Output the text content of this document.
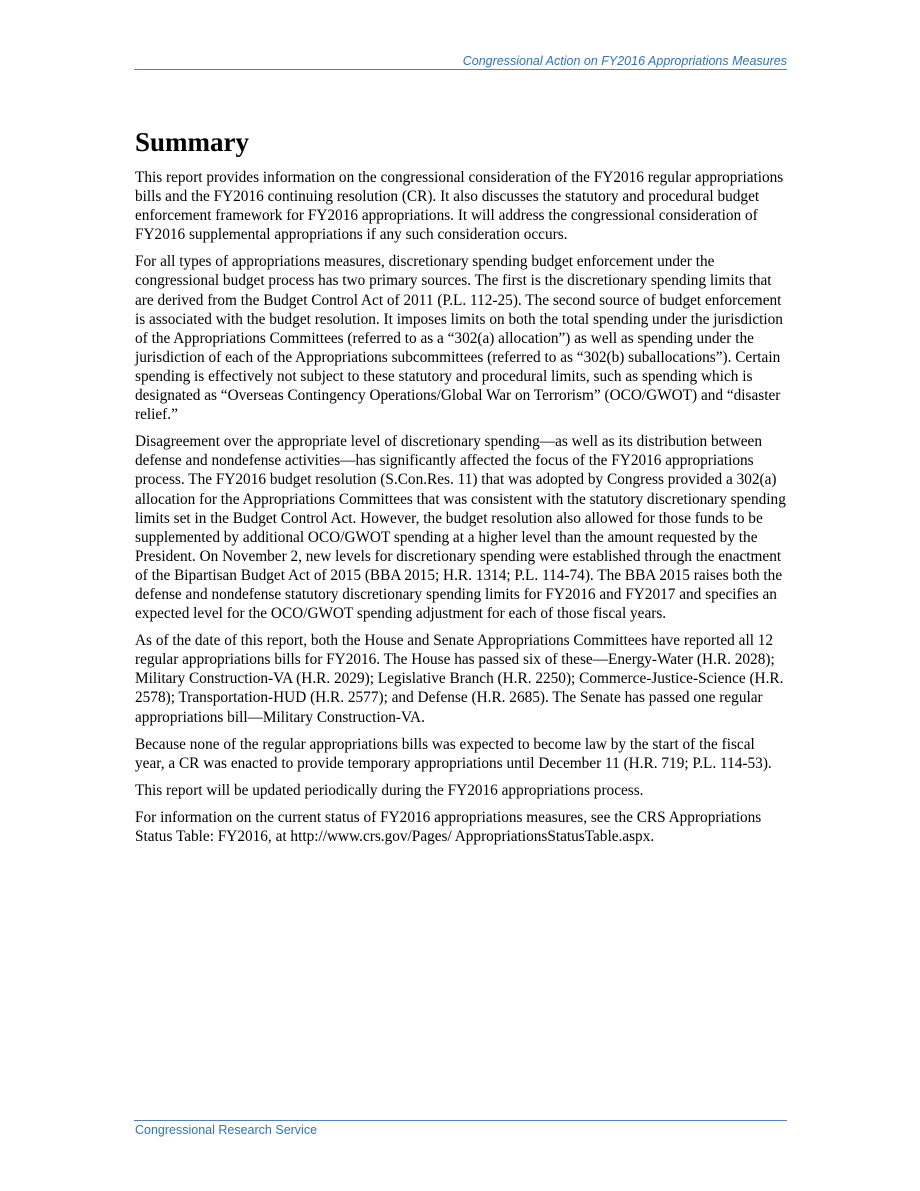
Congressional Action on FY2016 Appropriations Measures
Summary

This report provides information on the congressional consideration of the FY2016 regular appropriations bills and the FY2016 continuing resolution (CR). It also discusses the statutory and procedural budget enforcement framework for FY2016 appropriations. It will address the congressional consideration of FY2016 supplemental appropriations if any such consideration occurs.

For all types of appropriations measures, discretionary spending budget enforcement under the congressional budget process has two primary sources. The first is the discretionary spending limits that are derived from the Budget Control Act of 2011 (P.L. 112-25). The second source of budget enforcement is associated with the budget resolution. It imposes limits on both the total spending under the jurisdiction of the Appropriations Committees (referred to as a “302(a) allocation”) as well as spending under the jurisdiction of each of the Appropriations subcommittees (referred to as “302(b) suballocations”). Certain spending is effectively not subject to these statutory and procedural limits, such as spending which is designated as “Overseas Contingency Operations/Global War on Terrorism” (OCO/GWOT) and “disaster relief.”

Disagreement over the appropriate level of discretionary spending—as well as its distribution between defense and nondefense activities—has significantly affected the focus of the FY2016 appropriations process. The FY2016 budget resolution (S.Con.Res. 11) that was adopted by Congress provided a 302(a) allocation for the Appropriations Committees that was consistent with the statutory discretionary spending limits set in the Budget Control Act. However, the budget resolution also allowed for those funds to be supplemented by additional OCO/GWOT spending at a higher level than the amount requested by the President. On November 2, new levels for discretionary spending were established through the enactment of the Bipartisan Budget Act of 2015 (BBA 2015; H.R. 1314; P.L. 114-74). The BBA 2015 raises both the defense and nondefense statutory discretionary spending limits for FY2016 and FY2017 and specifies an expected level for the OCO/GWOT spending adjustment for each of those fiscal years.

As of the date of this report, both the House and Senate Appropriations Committees have reported all 12 regular appropriations bills for FY2016. The House has passed six of these—Energy-Water (H.R. 2028); Military Construction-VA (H.R. 2029); Legislative Branch (H.R. 2250); Commerce-Justice-Science (H.R. 2578); Transportation-HUD (H.R. 2577); and Defense (H.R. 2685). The Senate has passed one regular appropriations bill—Military Construction-VA.

Because none of the regular appropriations bills was expected to become law by the start of the fiscal year, a CR was enacted to provide temporary appropriations until December 11 (H.R. 719; P.L. 114-53).

This report will be updated periodically during the FY2016 appropriations process.

For information on the current status of FY2016 appropriations measures, see the CRS Appropriations Status Table: FY2016, at http://www.crs.gov/Pages/ AppropriationsStatusTable.aspx.

Congressional Research Service
